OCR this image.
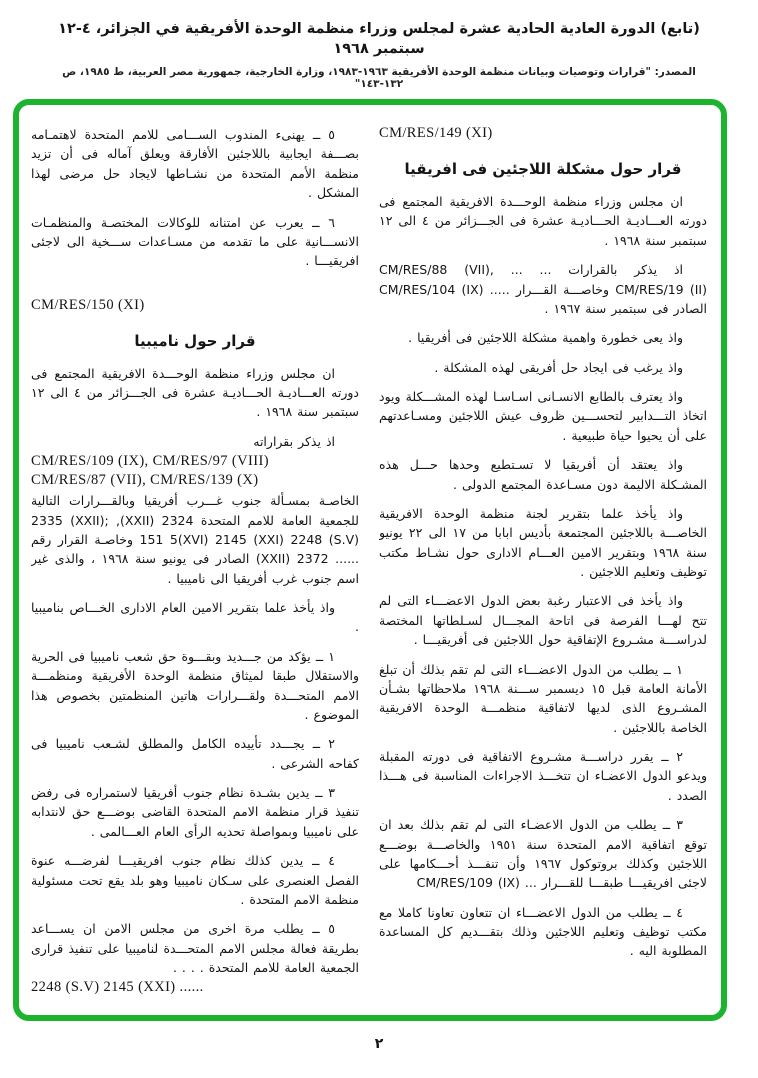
(تابع) الدورة العادية الحادية عشرة لمجلس وزراء منظمة الوحدة الأفريقية في الجزائر، ٤-١٢ سبتمبر ١٩٦٨
المصدر: "قرارات وتوصيات وبيانات منظمة الوحدة الأفريقية ١٩٦٣-١٩٨٣، وزارة الخارجية، جمهورية مصر العربية، ط ١٩٨٥، ص ١٣٢-١٤٣"
CM/RES/149 (XI)
قرار حول مشكلة اللاجئين فى افريقيا

ان مجلس وزراء منظمة الوحـــدة الافريقية المجتمع فى دورته العـــاديـة الحـــاديـة عشرة فى الجـــزائر من ٤ الى ١٢ سبتمبر سنة ١٩٦٨ .

اذ يذكر بالقرارات ... CM/RES/88 (VII), ... CM/RES/19 (II) وخاصـــة القـــرار ..... CM/RES/104 (IX) الصادر فى سبتمبر سنة ١٩٦٧ .

واذ يعى خطورة واهمية مشكلة اللاجئين فى أفريقيا .

واذ يرغب فى ايجاد حل أفريقى لهذه المشكلة .

واذ يعترف بالطابع الانسـانى اسـاسـا لهذه المشـــكلة ويود اتخاذ التـــدابير لتحســـين ظروف عيش اللاجئين ومسـاعدتهم على أن يحيوا حياة طبيعية .

واذ يعتقد أن أفريقيا لا تسـتطيع وحدها حـــل هذه المشـكلة الاليمة دون مسـاعدة المجتمع الدولى .

واذ يأخذ علما بتقرير لجنة منظمة الوحدة الافريقية الخاصـــة باللاجئين المجتمعة بأديس ابابا من ١٧ الى ٢٢ يونيو سنة ١٩٦٨ وبتقرير الامين العـــام الادارى حول نشـاط مكتب توظيف وتعليم اللاجئين .

واذ يأخذ فى الاعتبار رغبة بعض الدول الاعضـــاء التى لم تتح لهـــا الفرصة فى اتاحة المجـــال لسـلطاتها المختصة لدراســـة مشـروع الإتفاقية حول اللاجئين فى أفريقيـــا .

١ ــ يطلب من الدول الاعضـــاء التى لم تقم بذلك أن تبلغ الأمانة العامة قبل ١٥ ديسمبر ســـنة ١٩٦٨ ملاحظاتها بشـأن المشـروع الذى لديها لاتفاقية منظمـــة الوحدة الافريقية الخاصة باللاجئين .

٢ ــ يقرر دراســـة مشـروع الاتفاقية فى دورته المقبلة ويدعو الدول الاعضـاء ان تتخـــذ الاجراءات المناسبة فى هـــذا الصدد .

٣ ــ يطلب من الدول الاعضـاء التى لم تقم بذلك بعد ان توقع اتفاقية الامم المتحدة سنة ١٩٥١ والخاصـــة بوضـــع اللاجئين وكذلك بروتوكول ١٩٦٧ وأن تنفـــذ أحـــكامها على لاجئى افريقيـــا طبقـــا للقـــرار ... CM/RES/109 (IX)

٤ ــ يطلب من الدول الاعضـــاء ان تتعاون تعاونا كاملا مع مكتب توظيف وتعليم اللاجئين وذلك بتقـــديم كل المساعدة المطلوبة اليه .

٥ ــ يهنىء المندوب الســـامى للامم المتحدة لاهتمـامه بصـــفة ايجابية باللاجئين الأفارقة ويعلق آماله فى أن تزيد منظمة الأمم المتحدة من نشـاطها لايجاد حل مرضى لهذا المشكل .

٦ ــ يعرب عن امتنانه للوكالات المختصـة والمنظمـات الانســـانية على ما تقدمه من مسـاعدات ســـخية الى لاجئى افريقيـــا .

CM/RES/150 (XI)
قرار حول ناميبيا

ان مجلس وزراء منظمة الوحـــدة الافريقية المجتمع فى دورته العـــاديـة الحـــاديـة عشرة فى الجـــزائر من ٤ الى ١٢ سبتمبر سنة ١٩٦٨ .

اذ يذكر بقراراته

CM/RES/109 (IX), CM/RES/97 (VIII)
CM/RES/87 (VII), CM/RES/139 (X)

الخاصـة بمسـألة جنوب غـــرب أفريقيا وبالقـــرارات التالية للجمعية العامة للامم المتحدة 2324 (XXII), 2335 (XXII); 151 5(XVI) 2145 (XXI) 2248 (S.V) وخاصـة القرار رقم ...... 2372 (XXII) الصادر فى يونيو سنة ١٩٦٨ ، والذى غير اسم جنوب غرب أفريقيا الى ناميبيا .

واذ يأخذ علما بتقرير الامين العام الادارى الخـــاص بناميبيا .

١ ــ يؤكد من جـــديد وبقـــوة حق شعب ناميبيا فى الحرية والاستقلال طبقا لميثاق منظمة الوحدة الأفريقية ومنظمـــة الامم المتحـــدة ولقـــرارات هاتين المنظمتين بخصوص هذا الموضوع .

٢ ــ يجـــدد تأييده الكامل والمطلق لشـعب ناميبيا فى كفاحه الشرعى .

٣ ــ يدين بشـدة نظام جنوب أفريقيا لاستمراره فى رفض تنفيذ قرار منظمة الامم المتحدة القاضى بوضـــع حق لانتدابه على ناميبيا وبمواصلة تحديه الرأى العام العـــالمى .

٤ ــ يدين كذلك نظام جنوب افريقيـــا لفرضـــه عنوة الفصل العنصرى على سـكان ناميبيا وهو بلد يقع تحت مسئولية منظمة الامم المتحدة .

٥ ــ يطلب مرة اخرى من مجلس الامن ان يســـاعد بطريقة فعالة مجلس الامم المتحـــدة لناميبيا على تنفيذ قرارى الجمعية العامة للامم المتحدة . . . .

2248 (S.V) 2145 (XXI) ......
٢
